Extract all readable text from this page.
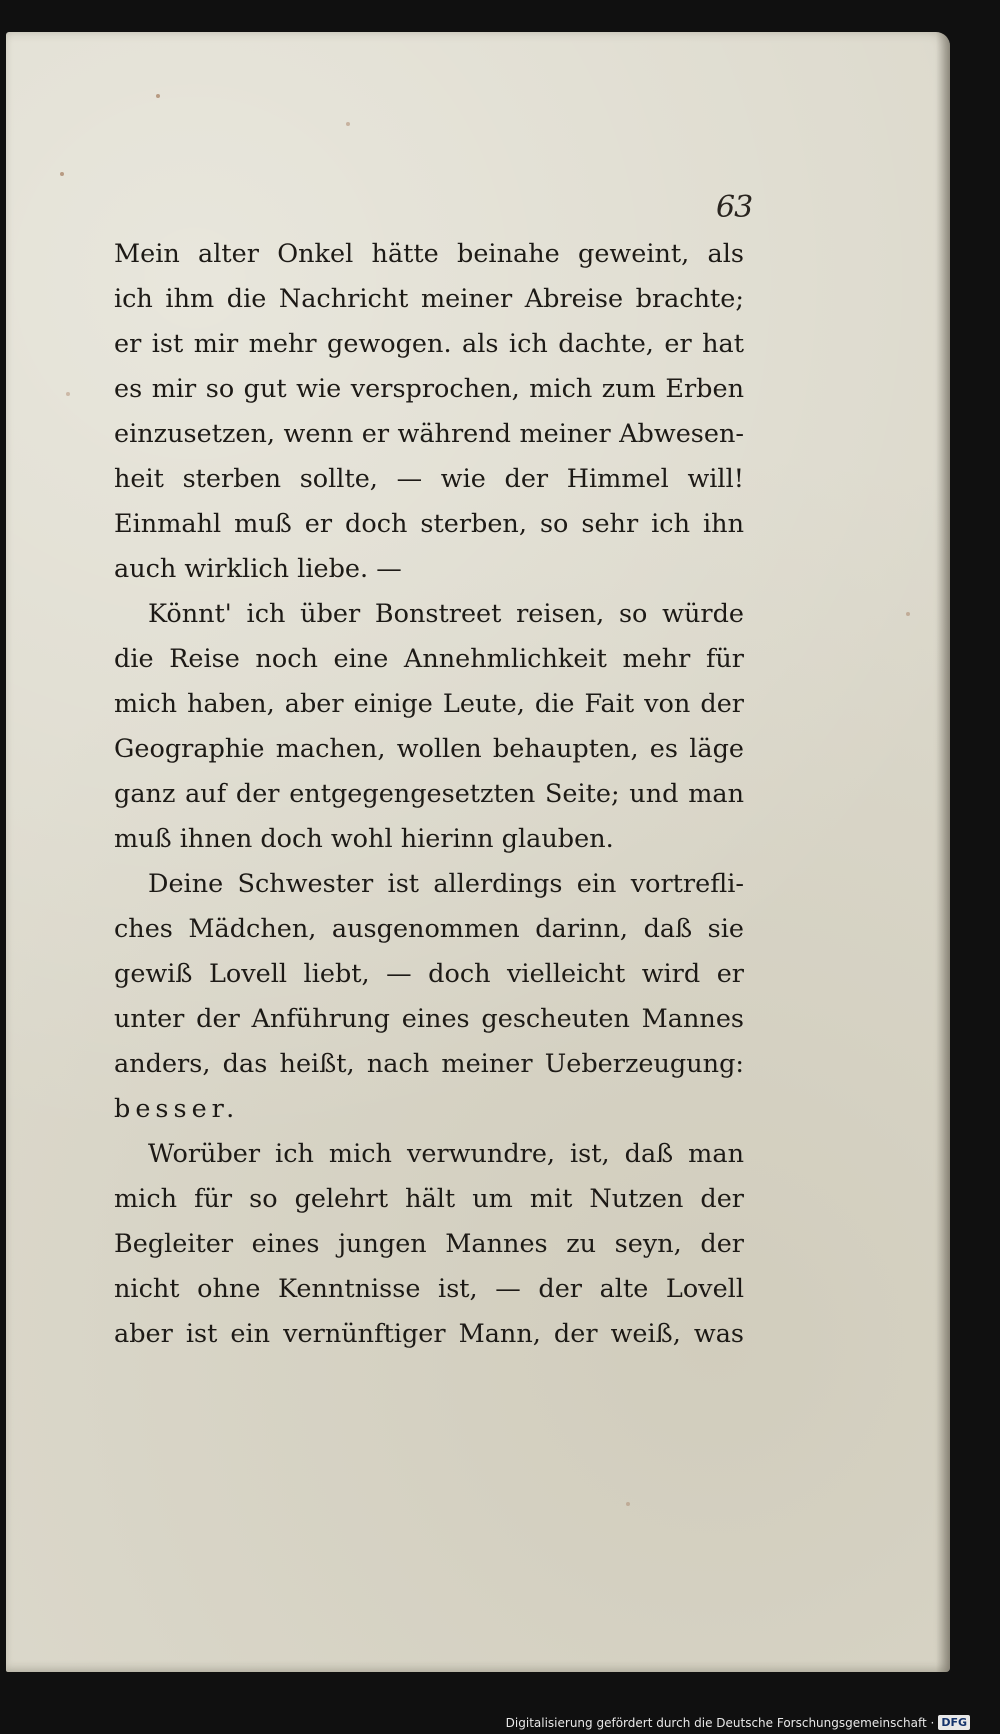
63
Mein alter Onkel hätte beinahe geweint, als
ich ihm die Nachricht meiner Abreise brachte;
er ist mir mehr gewogen. als ich dachte, er hat
es mir so gut wie versprochen, mich zum Erben
einzusetzen, wenn er während meiner Abwesen-
heit sterben sollte, — wie der Himmel will!
Einmahl muß er doch sterben, so sehr ich ihn
auch wirklich liebe. —
Könnt' ich über Bonstreet reisen, so würde
die Reise noch eine Annehmlichkeit mehr für
mich haben, aber einige Leute, die Fait von der
Geographie machen, wollen behaupten, es läge
ganz auf der entgegengesetzten Seite; und man
muß ihnen doch wohl hierinn glauben.
Deine Schwester ist allerdings ein vortrefli-
ches Mädchen, ausgenommen darinn, daß sie
gewiß Lovell liebt, — doch vielleicht wird er
unter der Anführung eines gescheuten Mannes
anders, das heißt, nach meiner Ueberzeugung:
besser.
Worüber ich mich verwundre, ist, daß man
mich für so gelehrt hält um mit Nutzen der
Begleiter eines jungen Mannes zu seyn, der
nicht ohne Kenntnisse ist, — der alte Lovell
aber ist ein vernünftiger Mann, der weiß, was
Digitalisierung gefördert durch die Deutsche Forschungsgemeinschaft · DFG
